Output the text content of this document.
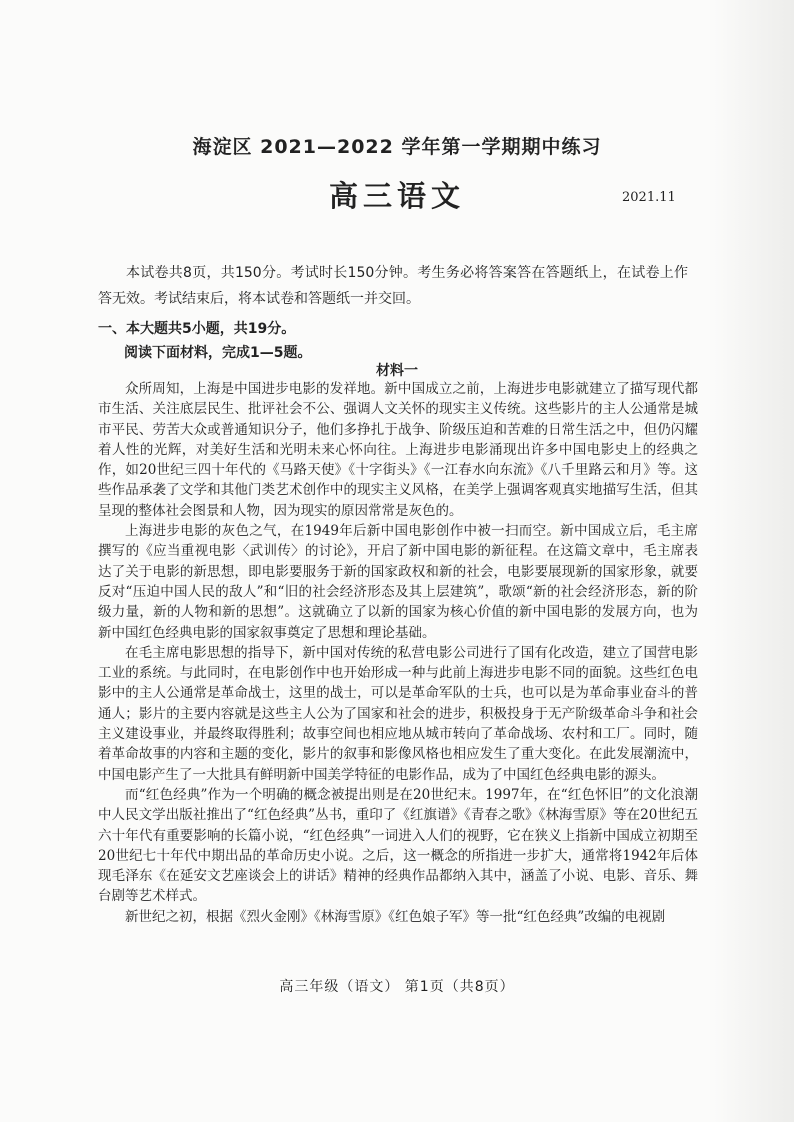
海淀区 2021—2022 学年第一学期期中练习
高三语文	2021.11
本试卷共8页，共150分。考试时长150分钟。考生务必将答案答在答题纸上，在试卷上作答无效。考试结束后，将本试卷和答题纸一并交回。
一、本大题共5小题，共19分。
阅读下面材料，完成1—5题。
材料一

众所周知，上海是中国进步电影的发祥地。新中国成立之前，上海进步电影就建立了描写现代都市生活、关注底层民生、批评社会不公、强调人文关怀的现实主义传统。这些影片的主人公通常是城市平民、劳苦大众或普通知识分子，他们多挣扎于战争、阶级压迫和苦难的日常生活之中，但仍闪耀着人性的光辉，对美好生活和光明未来心怀向往。上海进步电影涌现出许多中国电影史上的经典之作，如20世纪三四十年代的《马路天使》《十字街头》《一江春水向东流》《八千里路云和月》等。这些作品承袭了文学和其他门类艺术创作中的现实主义风格，在美学上强调客观真实地描写生活，但其呈现的整体社会图景和人物，因为现实的原因常常是灰色的。

上海进步电影的灰色之气，在1949年后新中国电影创作中被一扫而空。新中国成立后，毛主席撰写的《应当重视电影〈武训传〉的讨论》，开启了新中国电影的新征程。在这篇文章中，毛主席表达了关于电影的新思想，即电影要服务于新的国家政权和新的社会，电影要展现新的国家形象，就要反对“压迫中国人民的敌人”和“旧的社会经济形态及其上层建筑”，歌颂“新的社会经济形态，新的阶级力量，新的人物和新的思想”。这就确立了以新的国家为核心价值的新中国电影的发展方向，也为新中国红色经典电影的国家叙事奠定了思想和理论基础。

在毛主席电影思想的指导下，新中国对传统的私营电影公司进行了国有化改造，建立了国营电影工业的系统。与此同时，在电影创作中也开始形成一种与此前上海进步电影不同的面貌。这些红色电影中的主人公通常是革命战士，这里的战士，可以是革命军队的士兵，也可以是为革命事业奋斗的普通人；影片的主要内容就是这些主人公为了国家和社会的进步，积极投身于无产阶级革命斗争和社会主义建设事业，并最终取得胜利；故事空间也相应地从城市转向了革命战场、农村和工厂。同时，随着革命故事的内容和主题的变化，影片的叙事和影像风格也相应发生了重大变化。在此发展潮流中，中国电影产生了一大批具有鲜明新中国美学特征的电影作品，成为了中国红色经典电影的源头。

而“红色经典”作为一个明确的概念被提出则是在20世纪末。1997年，在“红色怀旧”的文化浪潮中人民文学出版社推出了“红色经典”丛书，重印了《红旗谱》《青春之歌》《林海雪原》等在20世纪五六十年代有重要影响的长篇小说，“红色经典”一词进入人们的视野，它在狭义上指新中国成立初期至20世纪七十年代中期出品的革命历史小说。之后，这一概念的所指进一步扩大，通常将1942年后体现毛泽东《在延安文艺座谈会上的讲话》精神的经典作品都纳入其中，涵盖了小说、电影、音乐、舞台剧等艺术样式。

新世纪之初，根据《烈火金刚》《林海雪原》《红色娘子军》等一批“红色经典”改编的电视剧

高三年级（语文） 第1页（共8页）
